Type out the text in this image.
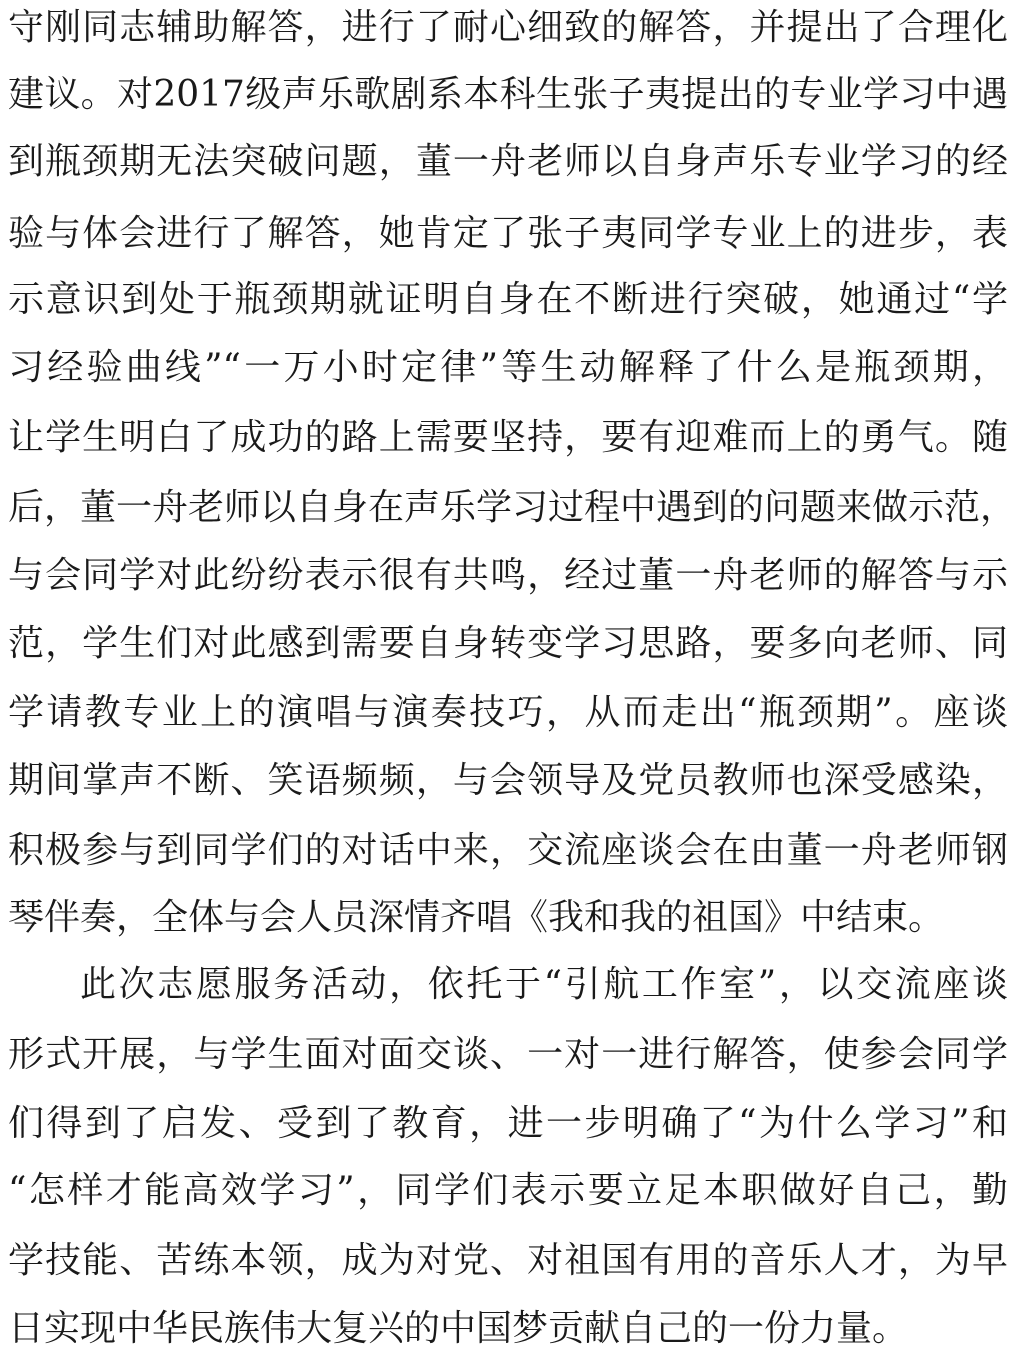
守刚同志辅助解答，进行了耐心细致的解答，并提出了合理化
建议。对2017级声乐歌剧系本科生张子夷提出的专业学习中遇
到瓶颈期无法突破问题，董一舟老师以自身声乐专业学习的经
验与体会进行了解答，她肯定了张子夷同学专业上的进步，表
示意识到处于瓶颈期就证明自身在不断进行突破，她通过“学
习经验曲线”“一万小时定律”等生动解释了什么是瓶颈期，
让学生明白了成功的路上需要坚持，要有迎难而上的勇气。随
后，董一舟老师以自身在声乐学习过程中遇到的问题来做示范，
与会同学对此纷纷表示很有共鸣，经过董一舟老师的解答与示
范，学生们对此感到需要自身转变学习思路，要多向老师、同
学请教专业上的演唱与演奏技巧，从而走出“瓶颈期”。座谈
期间掌声不断、笑语频频，与会领导及党员教师也深受感染，
积极参与到同学们的对话中来，交流座谈会在由董一舟老师钢
琴伴奏，全体与会人员深情齐唱《我和我的祖国》中结束。
此次志愿服务活动，依托于“引航工作室”，以交流座谈
形式开展，与学生面对面交谈、一对一进行解答，使参会同学
们得到了启发、受到了教育，进一步明确了“为什么学习”和
“怎样才能高效学习”，同学们表示要立足本职做好自己，勤
学技能、苦练本领，成为对党、对祖国有用的音乐人才，为早
日实现中华民族伟大复兴的中国梦贡献自己的一份力量。
